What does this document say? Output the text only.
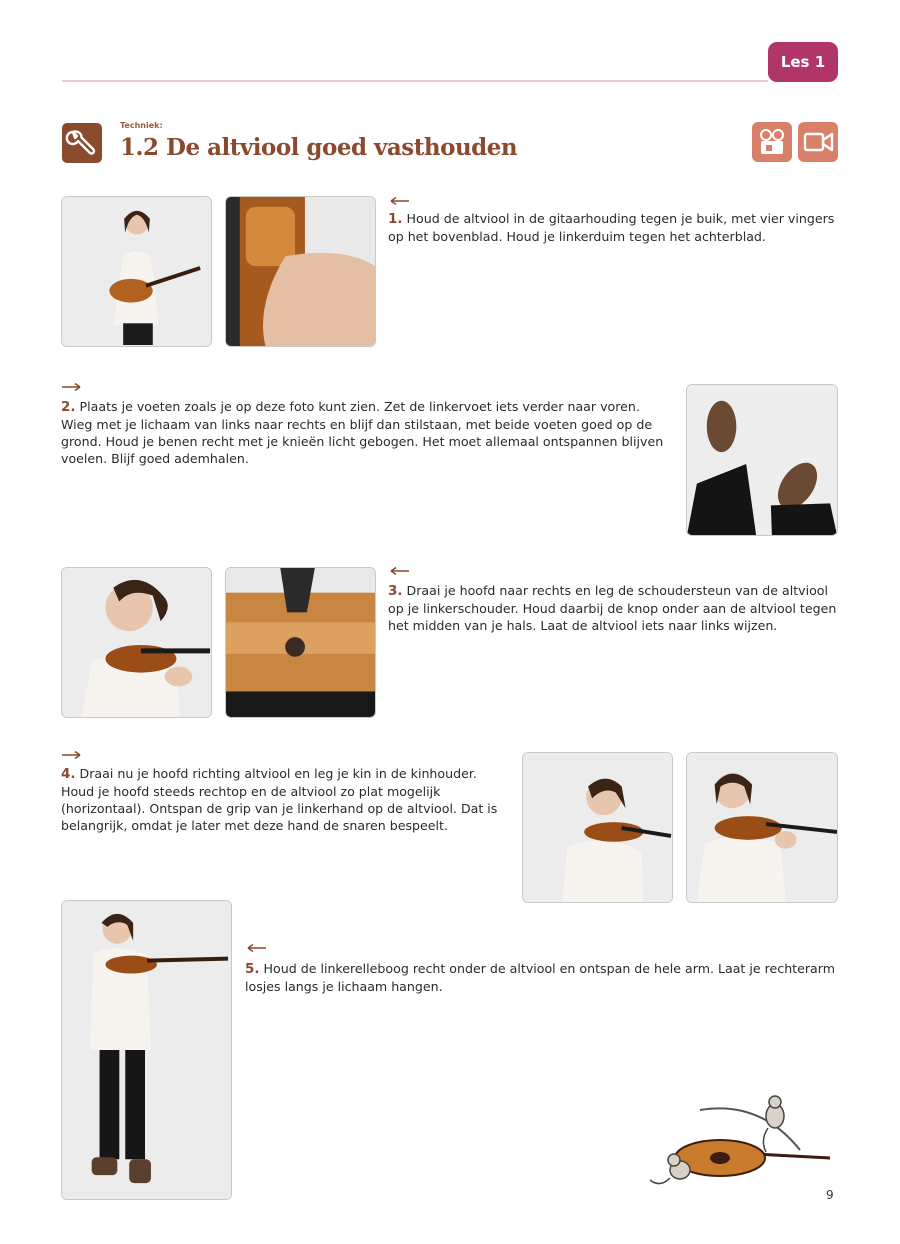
Les 1
Techniek:
1.2 De altviool goed vasthouden
1. Houd de altviool in de gitaarhouding tegen je buik, met vier vingers op het bovenblad. Houd je linkerduim tegen het achterblad.
2. Plaats je voeten zoals je op deze foto kunt zien. Zet de linkervoet iets verder naar voren. Wieg met je lichaam van links naar rechts en blijf dan stilstaan, met beide voeten goed op de grond. Houd je benen recht met je knieën licht gebogen. Het moet allemaal ontspannen blijven voelen. Blijf goed ademhalen.
3. Draai je hoofd naar rechts en leg de schoudersteun van de altviool op je linkerschouder. Houd daarbij de knop onder aan de altviool tegen het midden van je hals. Laat de altviool iets naar links wijzen.
4. Draai nu je hoofd richting altviool en leg je kin in de kinhouder. Houd je hoofd steeds rechtop en de altviool zo plat mogelijk (horizontaal). Ontspan de grip van je linkerhand op de altviool. Dat is belangrijk, omdat je later met deze hand de snaren bespeelt.
5. Houd de linkerelleboog recht onder de altviool en ontspan de hele arm. Laat je rechterarm losjes langs je lichaam hangen.
9
